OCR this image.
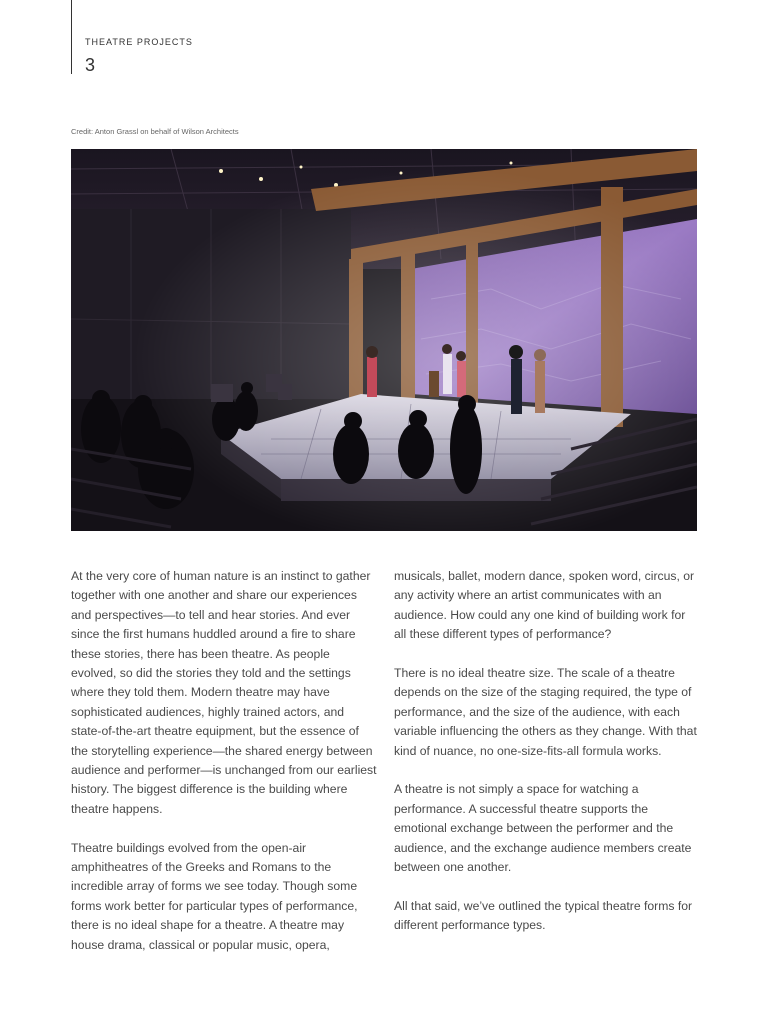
THEATRE PROJECTS
3
Credit: Anton Grassl on behalf of Wilson Architects

At the very core of human nature is an instinct to gather together with one another and share our experiences and perspectives—to tell and hear stories. And ever since the first humans huddled around a fire to share these stories, there has been theatre. As people evolved, so did the stories they told and the settings where they told them. Modern theatre may have sophisticated audiences, highly trained actors, and state-of-the-art theatre equipment, but the essence of the storytelling experience—the shared energy between audience and performer—is unchanged from our earliest history. The biggest difference is the building where theatre happens.

Theatre buildings evolved from the open-air amphitheatres of the Greeks and Romans to the incredible array of forms we see today. Though some forms work better for particular types of performance, there is no ideal shape for a theatre. A theatre may house drama, classical or popular music, opera,

musicals, ballet, modern dance, spoken word, circus, or any activity where an artist communicates with an audience. How could any one kind of building work for all these different types of performance?

There is no ideal theatre size. The scale of a theatre depends on the size of the staging required, the type of performance, and the size of the audience, with each variable influencing the others as they change. With that kind of nuance, no one-size-fits-all formula works.

A theatre is not simply a space for watching a performance. A successful theatre supports the emotional exchange between the performer and the audience, and the exchange audience members create between one another.

All that said, we’ve outlined the typical theatre forms for different performance types.
